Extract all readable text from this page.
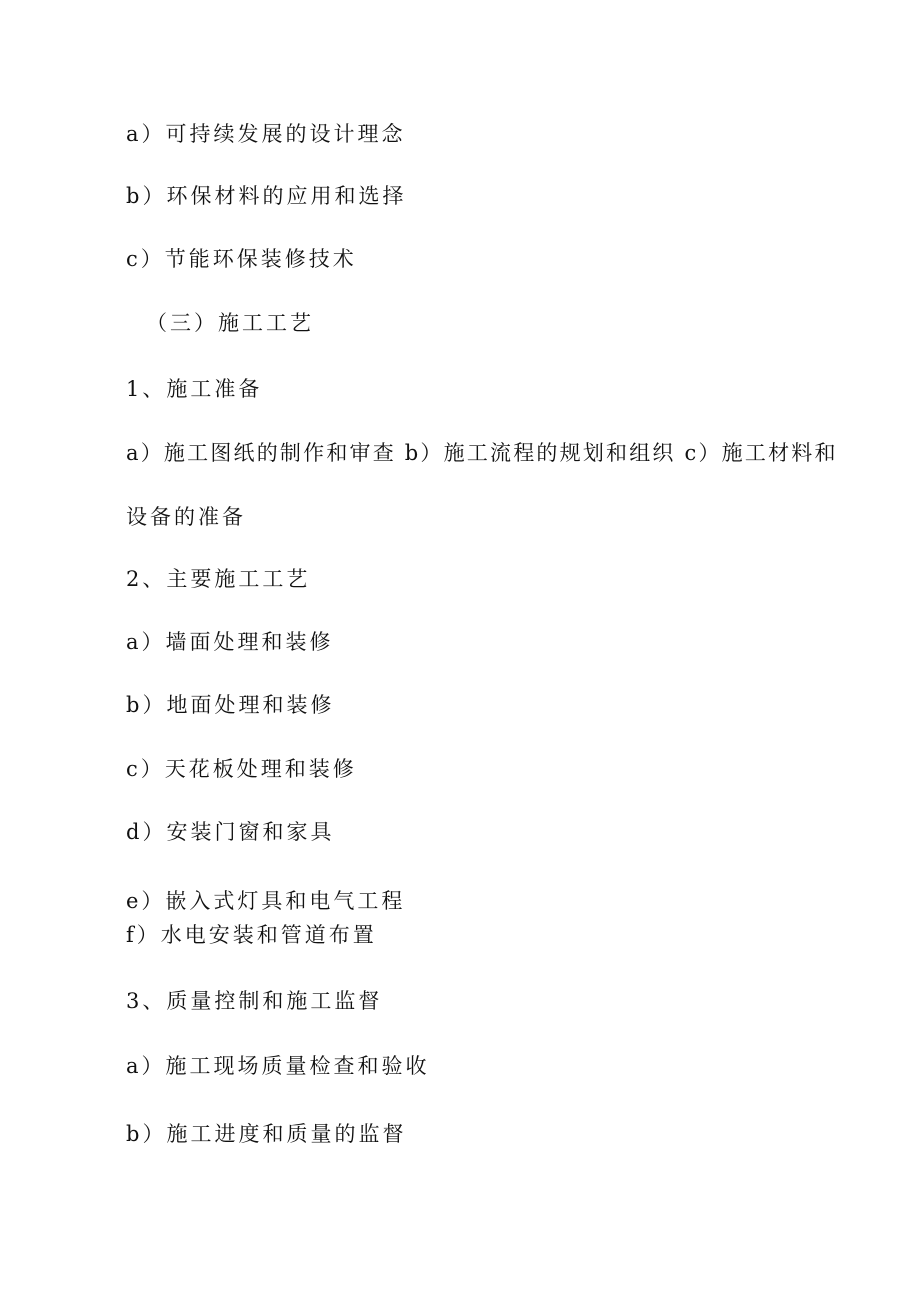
a）可持续发展的设计理念
b）环保材料的应用和选择
c）节能环保装修技术
（三）施工工艺
1、施工准备
a）施工图纸的制作和审查 b）施工流程的规划和组织 c）施工材料和
设备的准备
2、主要施工工艺
a）墙面处理和装修
b）地面处理和装修
c）天花板处理和装修
d）安装门窗和家具
e）嵌入式灯具和电气工程
f）水电安装和管道布置
3、质量控制和施工监督
a）施工现场质量检查和验收
b）施工进度和质量的监督
